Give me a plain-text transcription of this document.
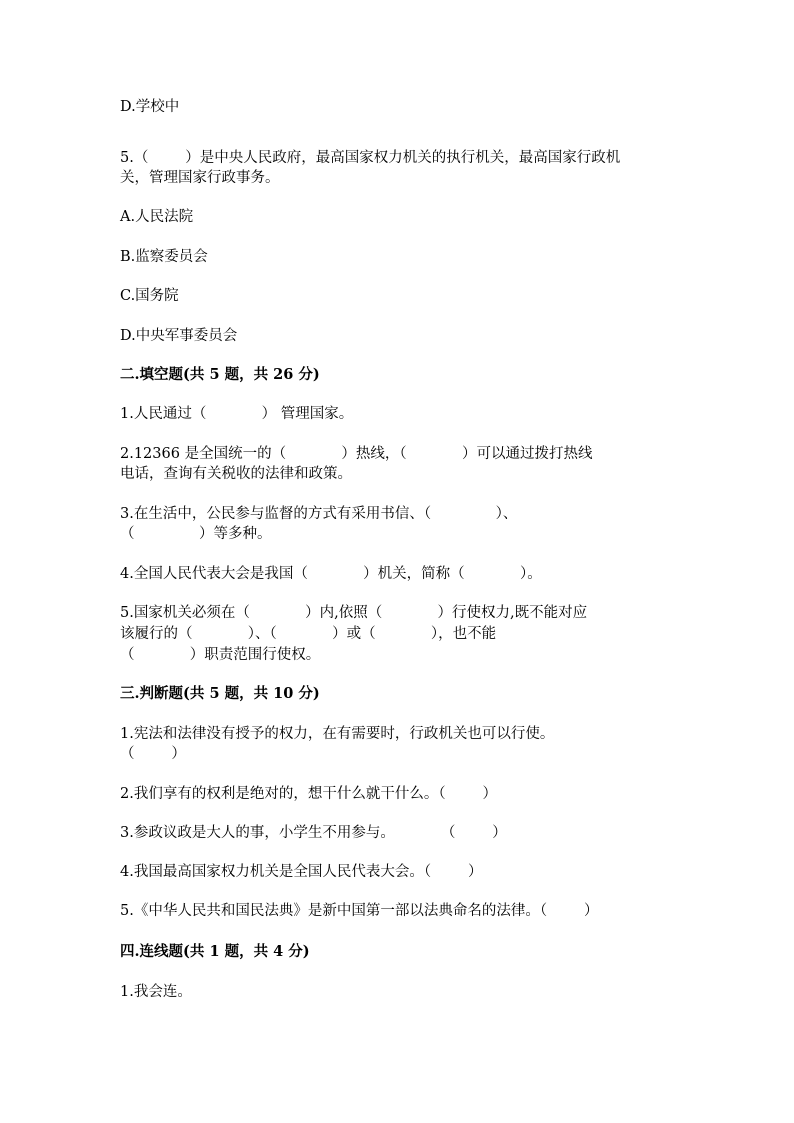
D.学校中

5.（        ）是中央人民政府，最高国家权力机关的执行机关，最高国家行政机

关，管理国家行政事务。

A.人民法院

B.监察委员会

C.国务院

D.中央军事委员会

二.填空题(共 5 题，共 26 分)

1.人民通过（            ） 管理国家。

2.12366 是全国统一的（            ）热线，（            ）可以通过拨打热线

电话，查询有关税收的法律和政策。

3.在生活中，公民参与监督的方式有采用书信、（              ）、

（              ）等多种。

4.全国人民代表大会是我国（            ）机关，简称（            ）。

5.国家机关必须在（            ）内,依照（            ）行使权力,既不能对应

该履行的（            ）、（            ）或（            ），也不能

（            ）职责范围行使权。

三.判断题(共 5 题，共 10 分)

1.宪法和法律没有授予的权力，在有需要时，行政机关也可以行使。

（        ）

2.我们享有的权利是绝对的，想干什么就干什么。（        ）

3.参政议政是大人的事，小学生不用参与。          （        ）

4.我国最高国家权力机关是全国人民代表大会。（        ）

5.《中华人民共和国民法典》是新中国第一部以法典命名的法律。（        ）

四.连线题(共 1 题，共 4 分)

1.我会连。
